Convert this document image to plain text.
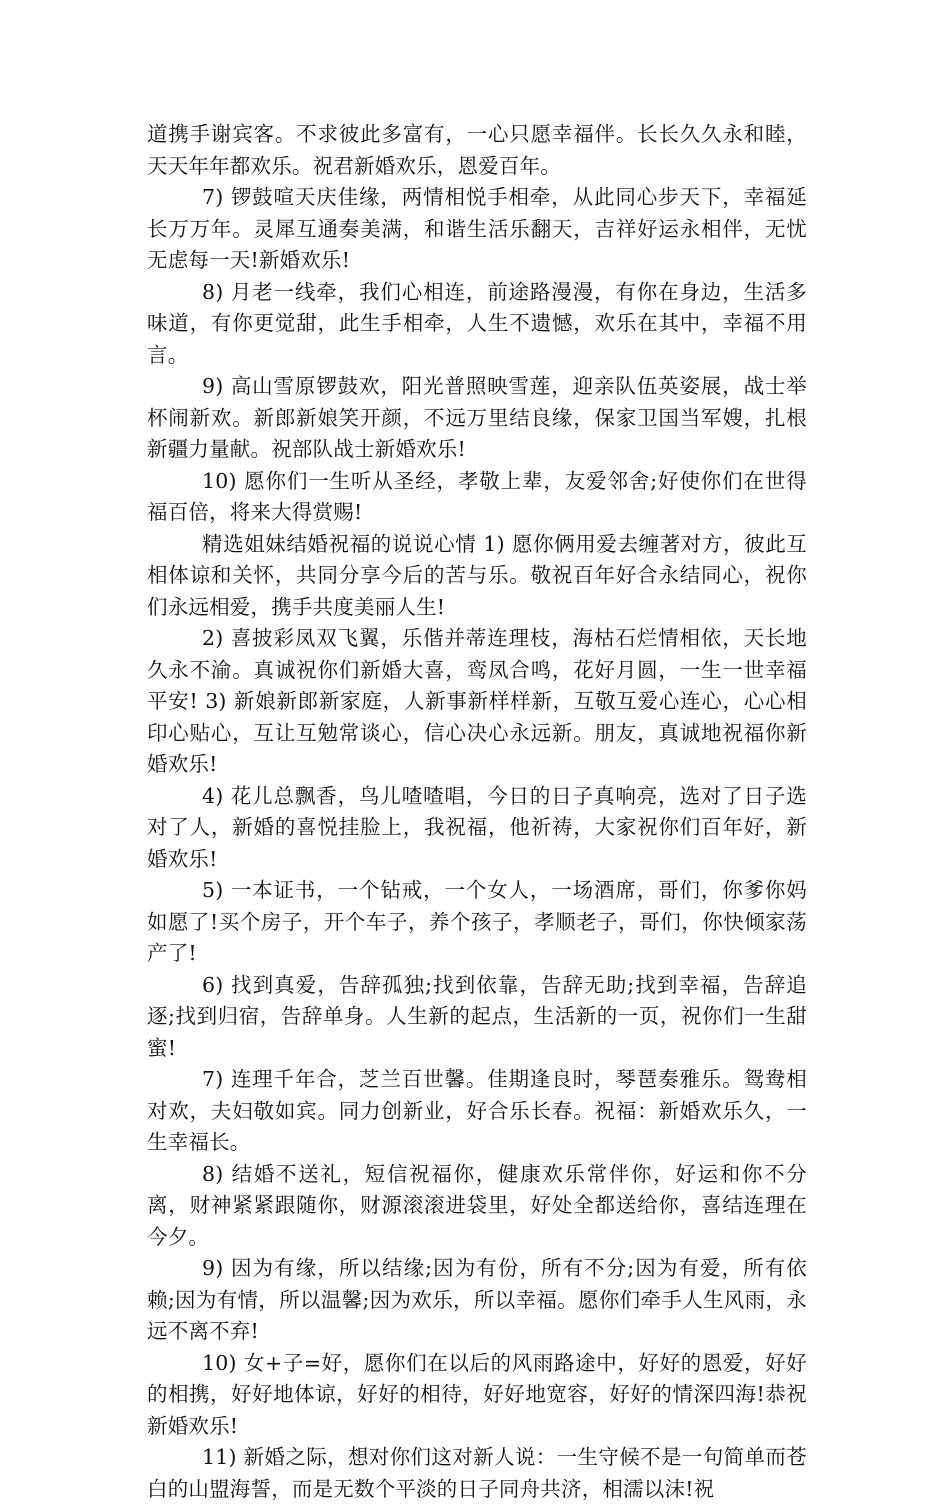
道携手谢宾客。不求彼此多富有，一心只愿幸福伴。长长久久永和睦，天天年年都欢乐。祝君新婚欢乐，恩爱百年。

7) 锣鼓喧天庆佳缘，两情相悦手相牵，从此同心步天下，幸福延长万万年。灵犀互通奏美满，和谐生活乐翻天，吉祥好运永相伴，无忧无虑每一天!新婚欢乐!

8) 月老一线牵，我们心相连，前途路漫漫，有你在身边，生活多味道，有你更觉甜，此生手相牵，人生不遗憾，欢乐在其中，幸福不用言。

9) 高山雪原锣鼓欢，阳光普照映雪莲，迎亲队伍英姿展，战士举杯闹新欢。新郎新娘笑开颜，不远万里结良缘，保家卫国当军嫂，扎根新疆力量献。祝部队战士新婚欢乐!

10) 愿你们一生听从圣经，孝敬上辈，友爱邻舍;好使你们在世得福百倍，将来大得赏赐!

精选姐妹结婚祝福的说说心情 1) 愿你俩用爱去缠著对方，彼此互相体谅和关怀，共同分享今后的苦与乐。敬祝百年好合永结同心，祝你们永远相爱，携手共度美丽人生!

2) 喜披彩凤双飞翼，乐偕并蒂连理枝，海枯石烂情相依，天长地久永不渝。真诚祝你们新婚大喜，鸾凤合鸣，花好月圆，一生一世幸福平安! 3) 新娘新郎新家庭，人新事新样样新，互敬互爱心连心，心心相印心贴心，互让互勉常谈心，信心决心永远新。朋友，真诚地祝福你新婚欢乐!

4) 花儿总飘香，鸟儿喳喳唱，今日的日子真响亮，选对了日子选对了人，新婚的喜悦挂脸上，我祝福，他祈祷，大家祝你们百年好，新婚欢乐!

5) 一本证书，一个钻戒，一个女人，一场酒席，哥们，你爹你妈如愿了!买个房子，开个车子，养个孩子，孝顺老子，哥们，你快倾家荡产了!

6) 找到真爱，告辞孤独;找到依靠，告辞无助;找到幸福，告辞追逐;找到归宿，告辞单身。人生新的起点，生活新的一页，祝你们一生甜蜜!

7) 连理千年合，芝兰百世馨。佳期逢良时，琴琶奏雅乐。鸳鸯相对欢，夫妇敬如宾。同力创新业，好合乐长春。祝福：新婚欢乐久，一生幸福长。

8) 结婚不送礼，短信祝福你，健康欢乐常伴你，好运和你不分离，财神紧紧跟随你，财源滚滚进袋里，好处全都送给你，喜结连理在今夕。

9) 因为有缘，所以结缘;因为有份，所有不分;因为有爱，所有依赖;因为有情，所以温馨;因为欢乐，所以幸福。愿你们牵手人生风雨，永远不离不弃!

10) 女+子=好，愿你们在以后的风雨路途中，好好的恩爱，好好的相携，好好地体谅，好好的相待，好好地宽容，好好的情深四海!恭祝新婚欢乐!

11) 新婚之际，想对你们这对新人说：一生守候不是一句简单而苍白的山盟海誓，而是无数个平淡的日子同舟共济，相濡以沫!祝
